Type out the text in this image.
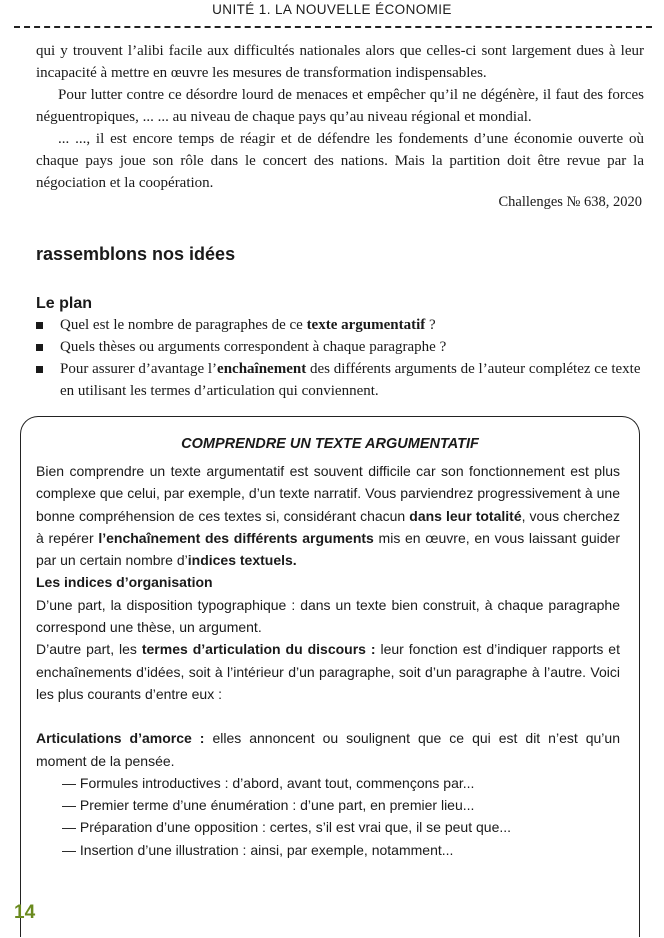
UNITÉ 1. LA NOUVELLE ÉCONOMIE

qui y trouvent l’alibi facile aux difficultés nationales alors que celles-ci sont largement dues à leur incapacité à mettre en œuvre les mesures de transformation indispensables.

Pour lutter contre ce désordre lourd de menaces et empêcher qu’il ne dégénère, il faut des forces néguentropiques, ... ... au niveau de chaque pays qu’au niveau régional et mondial.

... ..., il est encore temps de réagir et de défendre les fondements d’une économie ouverte où chaque pays joue son rôle dans le concert des nations. Mais la partition doit être revue par la négociation et la coopération.

Challenges № 638, 2020
rassemblons nos idées
Le plan
Quel est le nombre de paragraphes de ce texte argumentatif ?
Quels thèses ou arguments correspondent à chaque paragraphe ?
Pour assurer d’avantage l’enchaînement des différents arguments de l’auteur complétez ce texte en utilisant les termes d’articulation qui conviennent.
COMPRENDRE UN TEXTE ARGUMENTATIF

Bien comprendre un texte argumentatif est souvent difficile car son fonctionnement est plus complexe que celui, par exemple, d’un texte narratif. Vous parviendrez progressivement à une bonne compréhension de ces textes si, considérant chacun dans leur totalité, vous cherchez à repérer l’enchaînement des différents arguments mis en œuvre, en vous laissant guider par un certain nombre d’indices textuels.

Les indices d’organisation

D’une part, la disposition typographique : dans un texte bien construit, à chaque paragraphe correspond une thèse, un argument.

D’autre part, les termes d’articulation du discours : leur fonction est d’indiquer rapports et enchaînements d’idées, soit à l’intérieur d’un paragraphe, soit d’un paragraphe à l’autre. Voici les plus courants d’entre eux :

Articulations d’amorce : elles annoncent ou soulignent que ce qui est dit n’est qu’un moment de la pensée.

— Formules introductives : d’abord, avant tout, commençons par...

— Premier terme d’une énumération : d’une part, en premier lieu...

— Préparation d’une opposition : certes, s’il est vrai que, il se peut que...

— Insertion d’une illustration : ainsi, par exemple, notamment...

14
